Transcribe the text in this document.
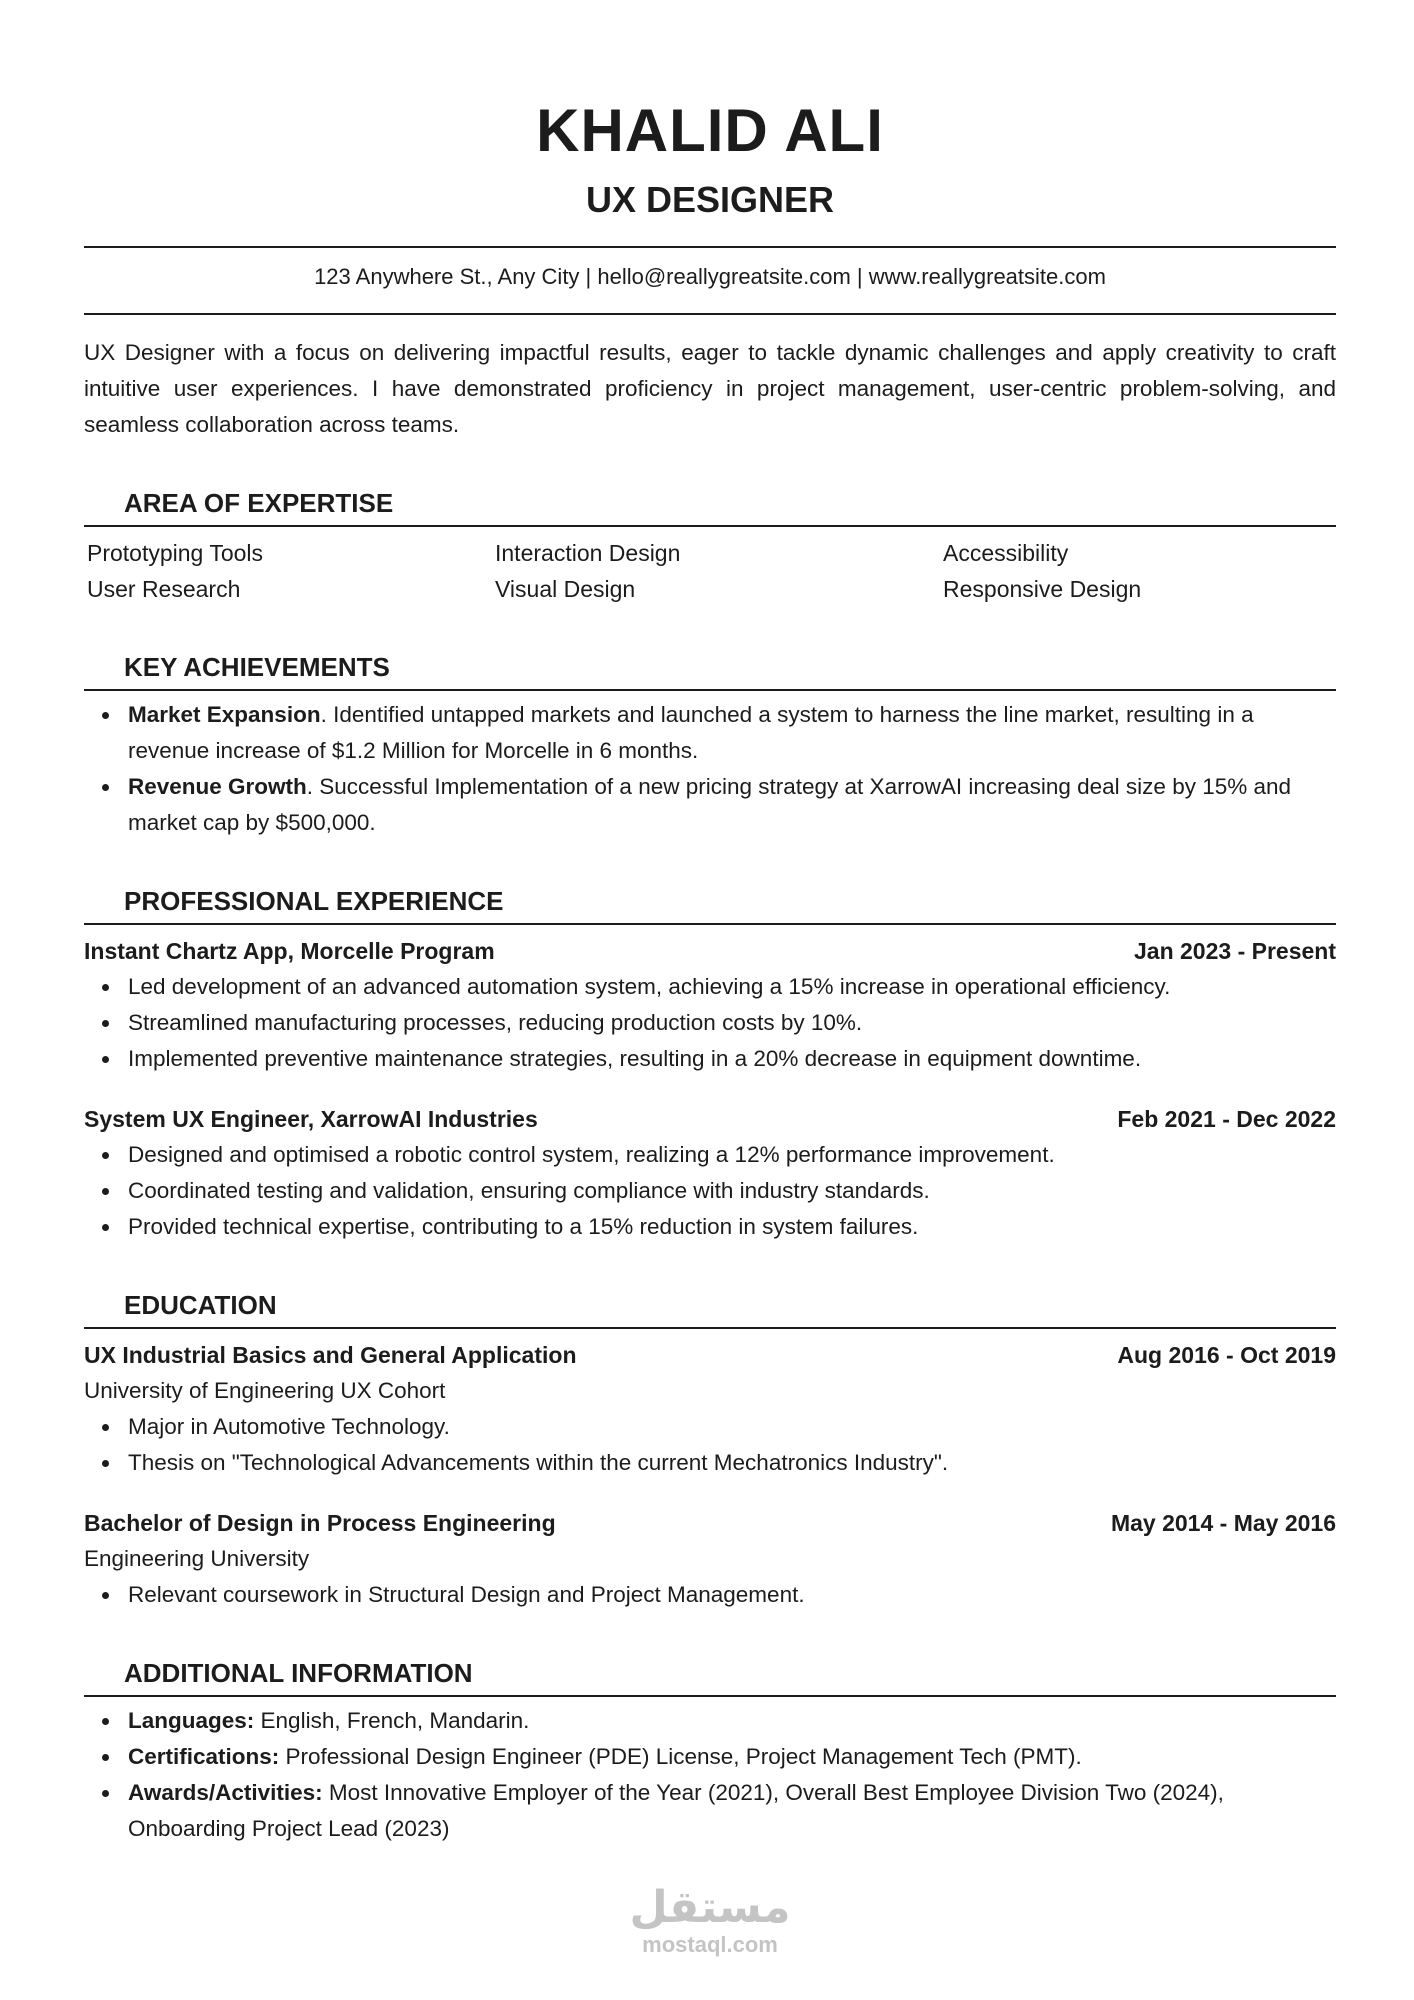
KHALID ALI
UX DESIGNER
123 Anywhere St., Any City | hello@reallygreatsite.com | www.reallygreatsite.com
UX Designer with a focus on delivering impactful results, eager to tackle dynamic challenges and apply creativity to craft intuitive user experiences. I have demonstrated proficiency in project management, user-centric problem-solving, and seamless collaboration across teams.
AREA OF EXPERTISE
Prototyping Tools	Interaction Design	Accessibility
User Research	Visual Design	Responsive Design
KEY ACHIEVEMENTS
Market Expansion. Identified untapped markets and launched a system to harness the line market, resulting in a revenue increase of $1.2 Million for Morcelle in 6 months.
Revenue Growth. Successful Implementation of a new pricing strategy at XarrowAI increasing deal size by 15% and market cap by $500,000.
PROFESSIONAL EXPERIENCE
Instant Chartz App, Morcelle Program	Jan 2023 - Present
Led development of an advanced automation system, achieving a 15% increase in operational efficiency.
Streamlined manufacturing processes, reducing production costs by 10%.
Implemented preventive maintenance strategies, resulting in a 20% decrease in equipment downtime.
System UX Engineer, XarrowAI Industries	Feb 2021 - Dec 2022
Designed and optimised a robotic control system, realizing a 12% performance improvement.
Coordinated testing and validation, ensuring compliance with industry standards.
Provided technical expertise, contributing to a 15% reduction in system failures.
EDUCATION
UX Industrial Basics and General Application	Aug 2016 - Oct 2019
University of Engineering UX Cohort
Major in Automotive Technology.
Thesis on "Technological Advancements within the current Mechatronics Industry".
Bachelor of Design in Process Engineering	May 2014 - May 2016
Engineering University
Relevant coursework in Structural Design and Project Management.
ADDITIONAL INFORMATION
Languages: English, French, Mandarin.
Certifications: Professional Design Engineer (PDE) License, Project Management Tech (PMT).
Awards/Activities: Most Innovative Employer of the Year (2021), Overall Best Employee Division Two (2024), Onboarding Project Lead (2023)
مستقل
mostaql.com
